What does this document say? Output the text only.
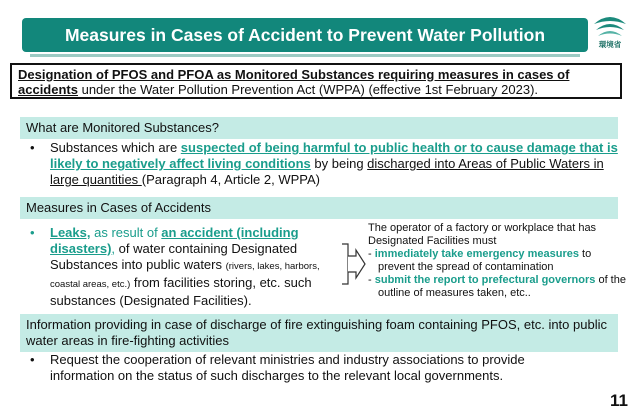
Measures in Cases of Accident to Prevent Water Pollution	環境省
Designation of PFOS and PFOA as Monitored Substances requiring measures in cases of accidents under the Water Pollution Prevention Act (WPPA) (effective 1st February 2023).
What are Monitored Substances?
• Substances which are suspected of being harmful to public health or to cause damage that is likely to negatively affect living conditions by being discharged into Areas of Public Waters in large quantities (Paragraph 4, Article 2, WPPA)
Measures in Cases of Accidents
• Leaks, as result of an accident (including disasters), of water containing Designated Substances into public waters (rivers, lakes, harbors, coastal areas, etc.) from facilities storing, etc. such substances (Designated Facilities).
The operator of a factory or workplace that has Designated Facilities must
- immediately take emergency measures to prevent the spread of contamination
- submit the report to prefectural governors of the outline of measures taken, etc..
Information providing in case of discharge of fire extinguishing foam containing PFOS, etc. into public water areas in fire-fighting activities
• Request the cooperation of relevant ministries and industry associations to provide information on the status of such discharges to the relevant local governments.
11
